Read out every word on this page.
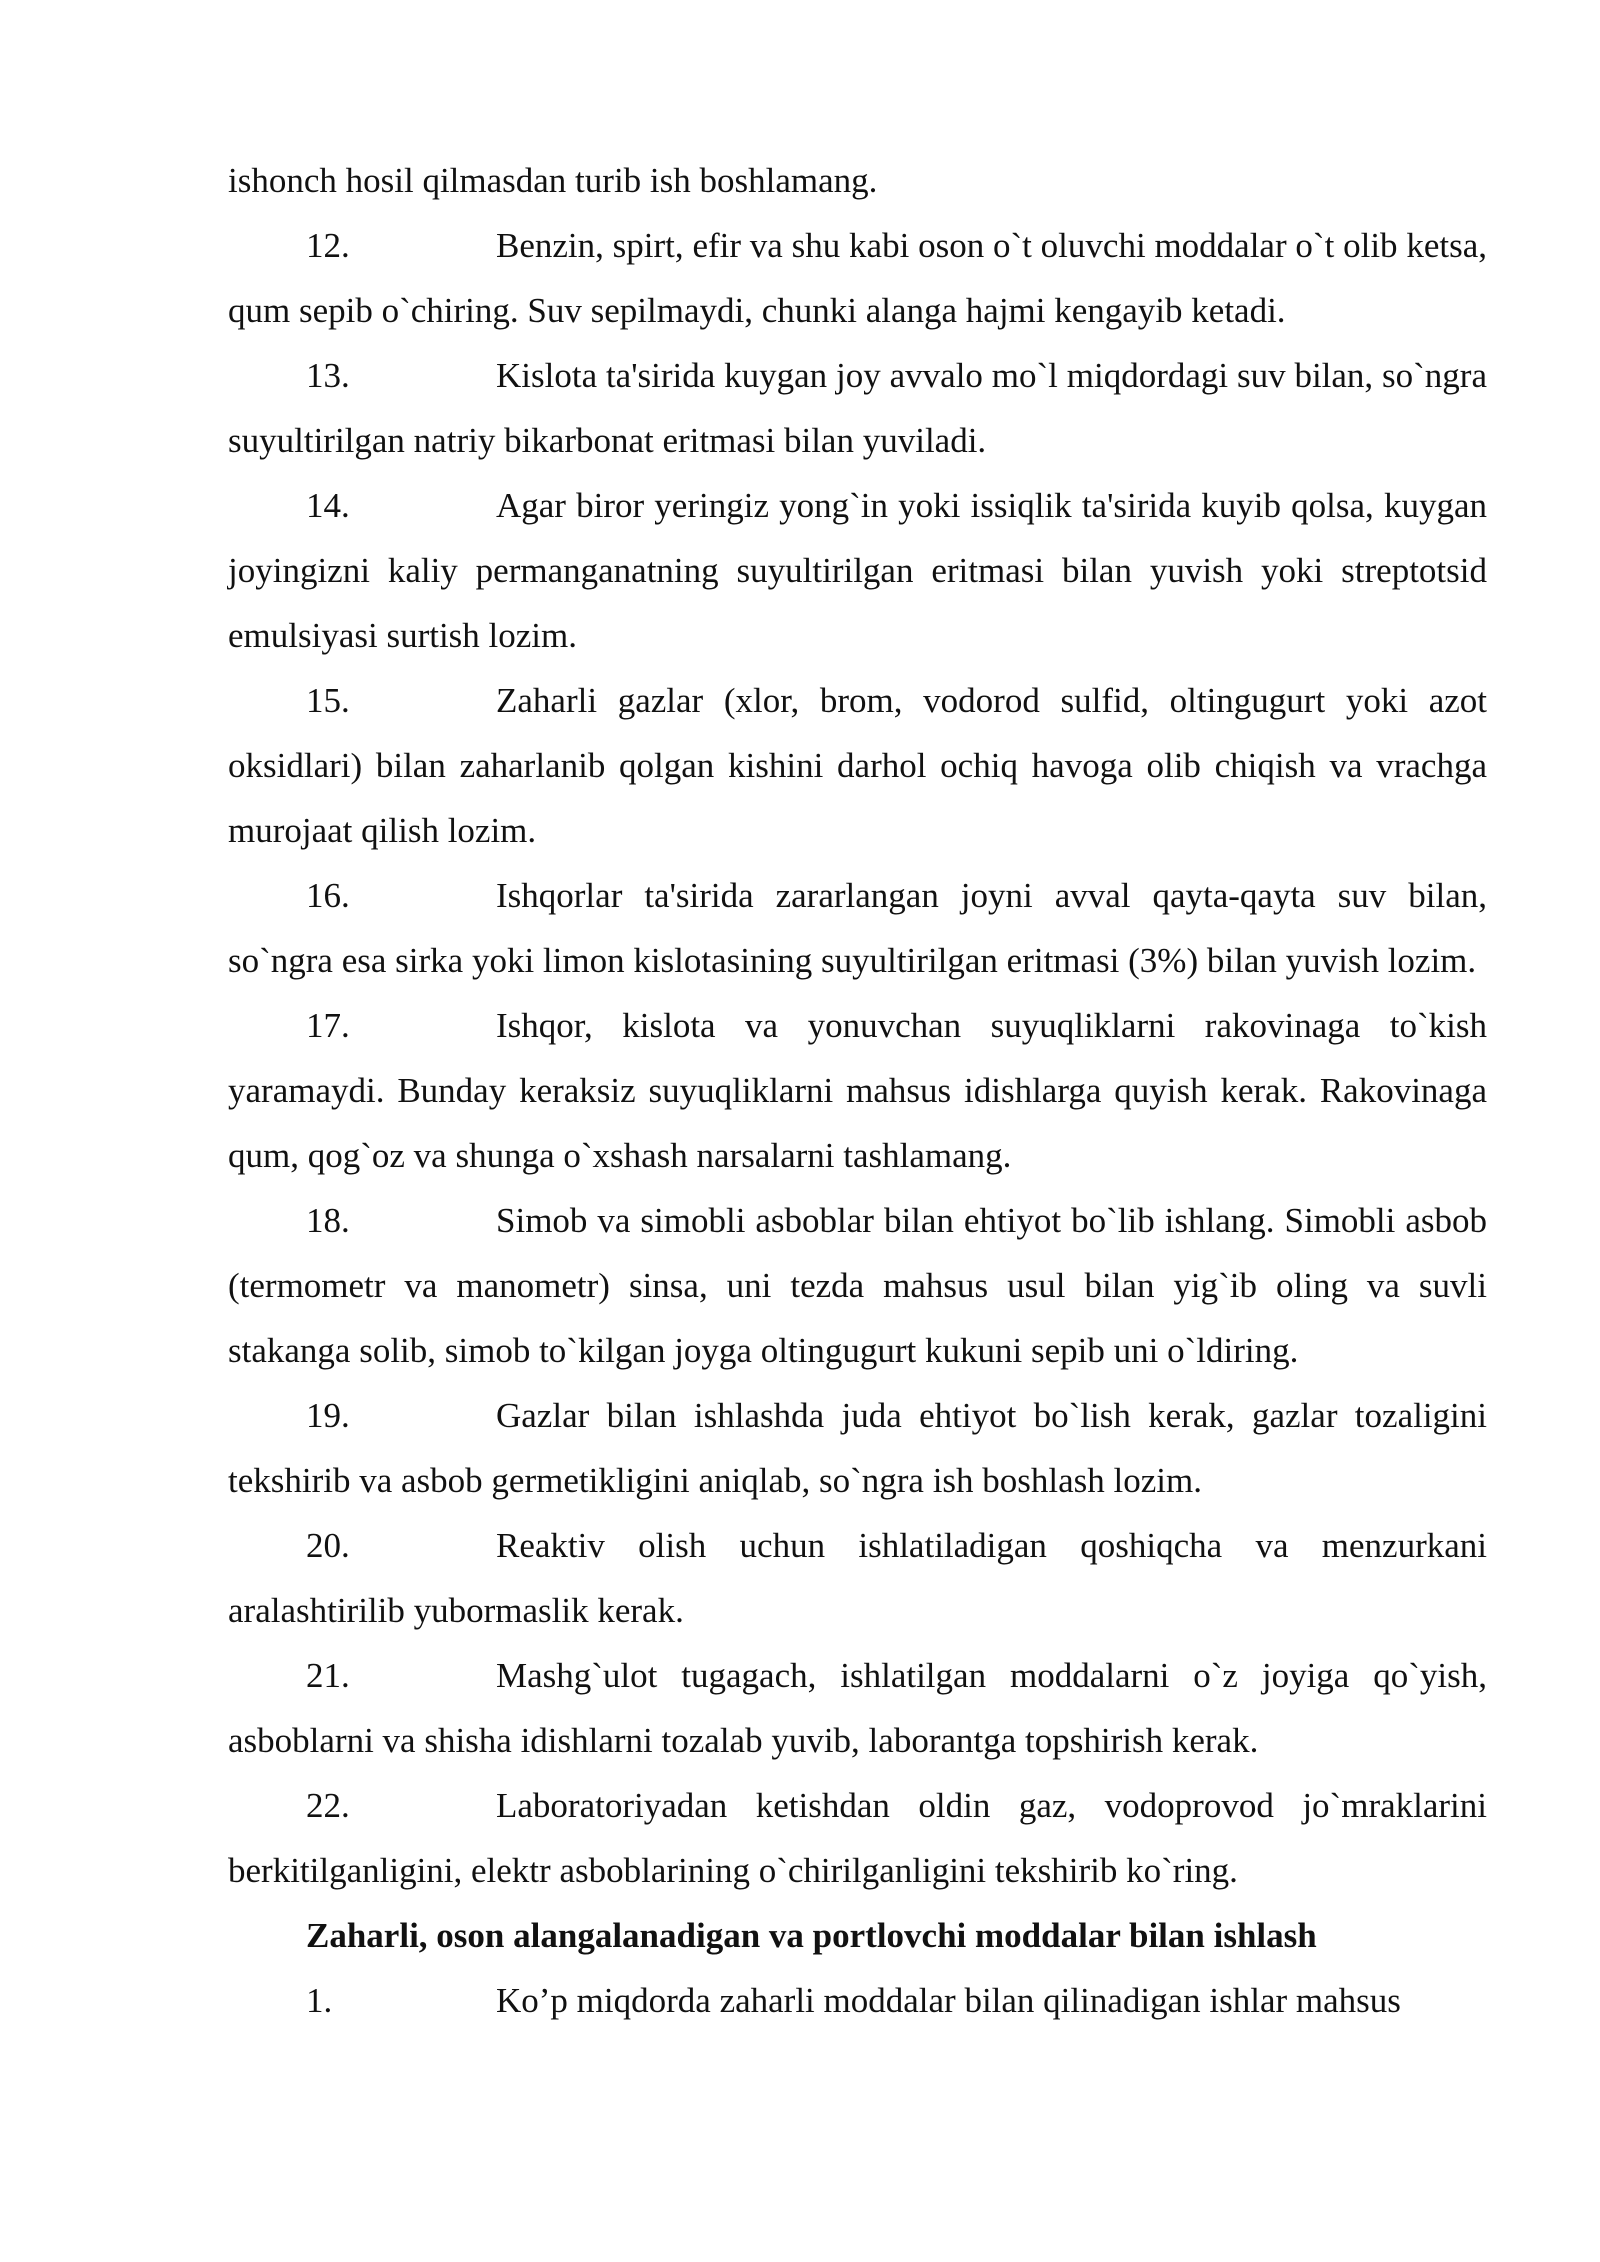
ishonch hosil qilmasdan turib ish boshlamang.

12.	Benzin, spirt, efir va shu kabi oson o`t oluvchi moddalar o`t olib ketsa, qum sepib o`chiring. Suv sepilmaydi, chunki alanga hajmi kengayib ketadi.

13.	Kislota ta'sirida kuygan joy avvalo mo`l miqdordagi suv bilan, so`ngra suyultirilgan natriy bikarbonat eritmasi bilan yuviladi.

14.	Agar biror yeringiz yong`in yoki issiqlik ta'sirida kuyib qolsa, kuygan joyingizni kaliy permanganatning suyultirilgan eritmasi bilan yuvish yoki streptotsid emulsiyasi surtish lozim.

15.	Zaharli gazlar (xlor, brom, vodorod sulfid, oltingugurt yoki azot oksidlari) bilan zaharlanib qolgan kishini darhol ochiq havoga olib chiqish va vrachga murojaat qilish lozim.

16.	Ishqorlar ta'sirida zararlangan joyni avval qayta-qayta suv bilan, so`ngra esa sirka yoki limon kislotasining suyultirilgan eritmasi (3%) bilan yuvish lozim.

17.	Ishqor, kislota va yonuvchan suyuqliklarni rakovinaga to`kish yaramaydi. Bunday keraksiz suyuqliklarni mahsus idishlarga quyish kerak. Rakovinaga qum, qog`oz va shunga o`xshash narsalarni tashlamang.

18.	Simob va simobli asboblar bilan ehtiyot bo`lib ishlang. Simobli asbob (termometr va manometr) sinsa, uni tezda mahsus usul bilan yig`ib oling va suvli stakanga solib, simob to`kilgan joyga oltingugurt kukuni sepib uni o`ldiring.

19.	Gazlar bilan ishlashda juda ehtiyot bo`lish kerak, gazlar tozaligini tekshirib va asbob germetikligini aniqlab, so`ngra ish boshlash lozim.

20.	Reaktiv olish uchun ishlatiladigan qoshiqcha va menzurkani aralashtirilib yubormaslik kerak.

21.	Mashg`ulot tugagach, ishlatilgan moddalarni o`z joyiga qo`yish, asboblarni va shisha idishlarni tozalab yuvib, laborantga topshirish kerak.

22.	Laboratoriyadan ketishdan oldin gaz, vodoprovod jo`mraklarini berkitilganligini, elektr asboblarining o`chirilganligini tekshirib ko`ring.

Zaharli, oson alangalanadigan va portlovchi moddalar bilan ishlash

1.	Ko’p miqdorda zaharli moddalar bilan qilinadigan ishlar mahsus
